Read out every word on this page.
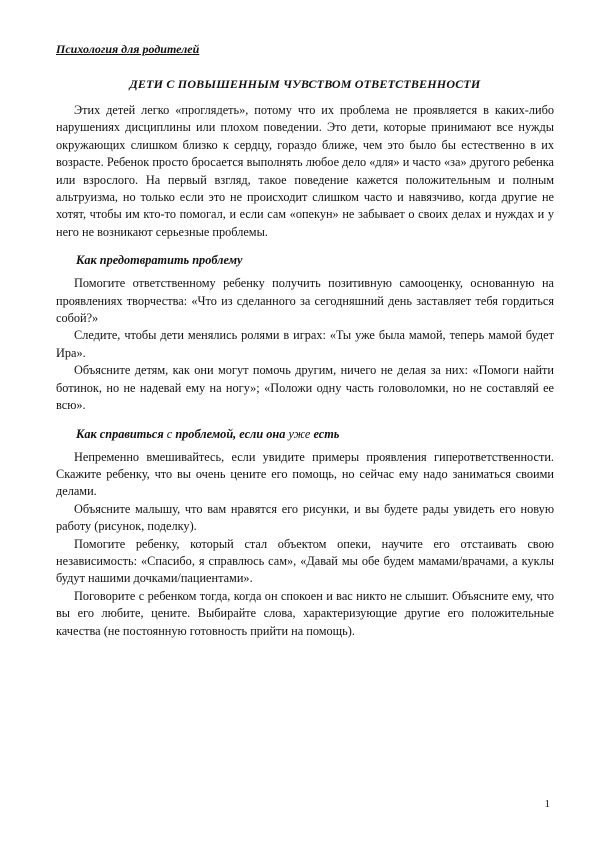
Психология для родителей
ДЕТИ С ПОВЫШЕННЫМ ЧУВСТВОМ ОТВЕТСТВЕННОСТИ

Этих детей легко «проглядеть», потому что их проблема не проявляется в каких-либо нарушениях дисциплины или плохом поведении. Это дети, которые принимают все нужды окружающих слишком близко к сердцу, гораздо ближе, чем это было бы естественно в их возрасте. Ребенок просто бросается выполнять любое дело «для» и часто «за» другого ребенка или взрослого. На первый взгляд, такое поведение кажется положительным и полным альтруизма, но только если это не происходит слишком часто и навязчиво, когда другие не хотят, чтобы им кто-то помогал, и если сам «опекун» не забывает о своих делах и нуждах и у него не возникают серьезные проблемы.

Как предотвратить проблему

Помогите ответственному ребенку получить позитивную самооценку, основанную на проявлениях творчества: «Что из сделанного за сегодняшний день заставляет тебя гордиться собой?»

Следите, чтобы дети менялись ролями в играх: «Ты уже была мамой, теперь мамой будет Ира».

Объясните детям, как они могут помочь другим, ничего не делая за них: «Помоги найти ботинок, но не надевай ему на ногу»; «Положи одну часть головоломки, но не составляй ее всю».

Как справиться с проблемой, если она уже есть

Непременно вмешивайтесь, если увидите примеры проявления гиперответственности. Скажите ребенку, что вы очень цените его помощь, но сейчас ему надо заниматься своими делами.

Объясните малышу, что вам нравятся его рисунки, и вы будете рады увидеть его новую работу (рисунок, поделку).

Помогите ребенку, который стал объектом опеки, научите его отстаивать свою независимость: «Спасибо, я справлюсь сам», «Давай мы обе будем мамами/врачами, а куклы будут нашими дочками/пациентами».

Поговорите с ребенком тогда, когда он спокоен и вас никто не слышит. Объясните ему, что вы его любите, цените. Выбирайте слова, характеризующие другие его положительные качества (не постоянную готовность прийти на помощь).

1
